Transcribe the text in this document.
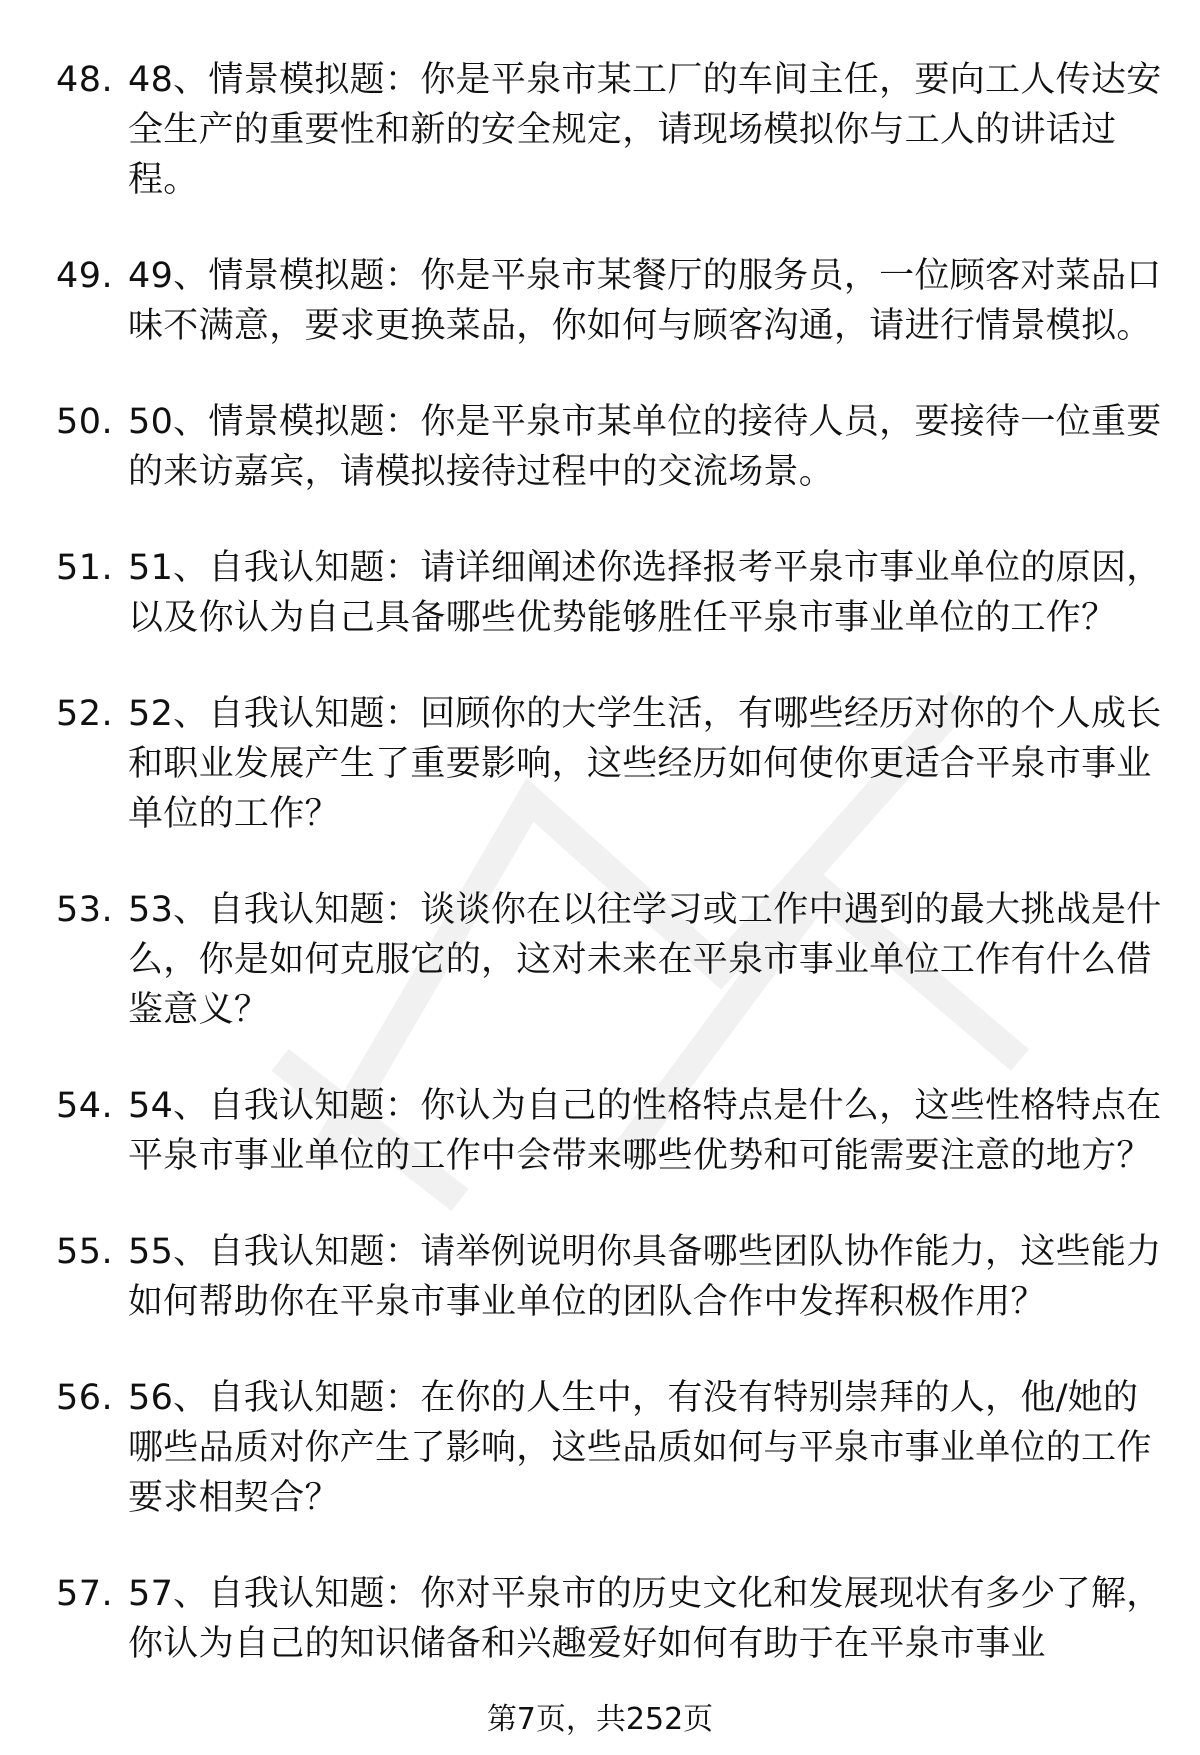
48. 48、情景模拟题：你是平泉市某工厂的车间主任，要向工人传达安全生产的重要性和新的安全规定，请现场模拟你与工人的讲话过程。
49. 49、情景模拟题：你是平泉市某餐厅的服务员，一位顾客对菜品口味不满意，要求更换菜品，你如何与顾客沟通，请进行情景模拟。
50. 50、情景模拟题：你是平泉市某单位的接待人员，要接待一位重要的来访嘉宾，请模拟接待过程中的交流场景。
51. 51、自我认知题：请详细阐述你选择报考平泉市事业单位的原因，以及你认为自己具备哪些优势能够胜任平泉市事业单位的工作？
52. 52、自我认知题：回顾你的大学生活，有哪些经历对你的个人成长和职业发展产生了重要影响，这些经历如何使你更适合平泉市事业单位的工作？
53. 53、自我认知题：谈谈你在以往学习或工作中遇到的最大挑战是什么，你是如何克服它的，这对未来在平泉市事业单位工作有什么借鉴意义？
54. 54、自我认知题：你认为自己的性格特点是什么，这些性格特点在平泉市事业单位的工作中会带来哪些优势和可能需要注意的地方？
55. 55、自我认知题：请举例说明你具备哪些团队协作能力，这些能力如何帮助你在平泉市事业单位的团队合作中发挥积极作用？
56. 56、自我认知题：在你的人生中，有没有特别崇拜的人，他/她的哪些品质对你产生了影响，这些品质如何与平泉市事业单位的工作要求相契合？
57. 57、自我认知题：你对平泉市的历史文化和发展现状有多少了解，你认为自己的知识储备和兴趣爱好如何有助于在平泉市事业
第7页，共252页
